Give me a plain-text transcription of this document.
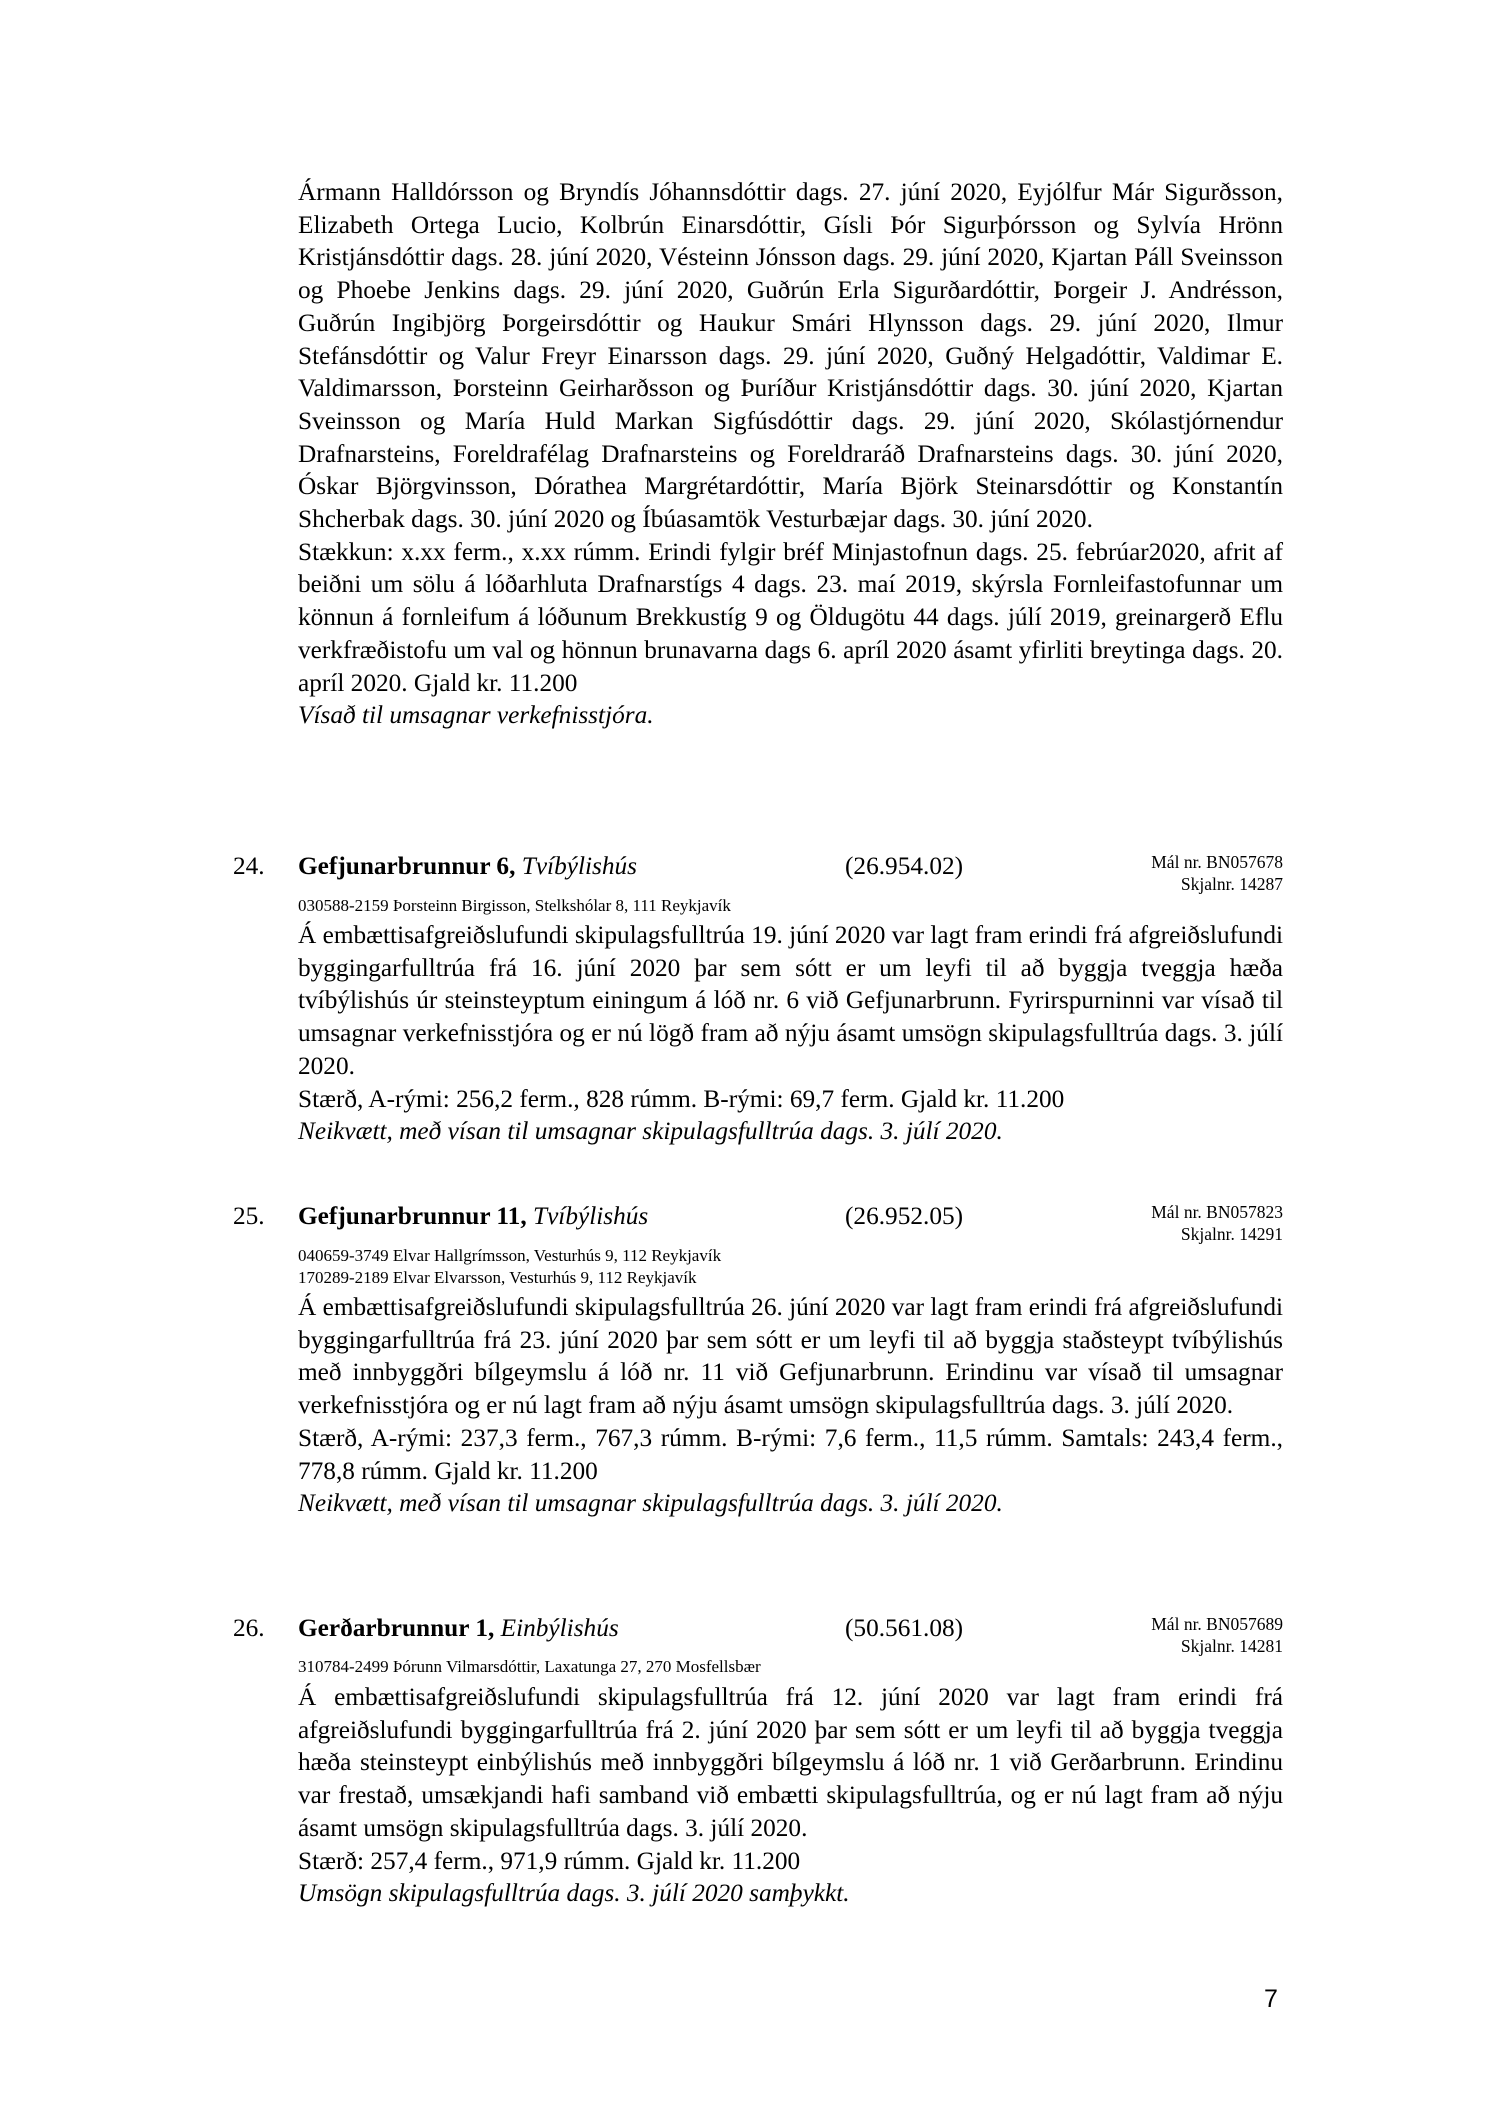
Ármann Halldórsson og Bryndís Jóhannsdóttir dags. 27. júní 2020, Eyjólfur Már Sigurðsson, Elizabeth Ortega Lucio, Kolbrún Einarsdóttir, Gísli Þór Sigurþórsson og Sylvía Hrönn Kristjánsdóttir dags. 28. júní 2020, Vésteinn Jónsson dags. 29. júní 2020, Kjartan Páll Sveinsson og Phoebe Jenkins dags. 29. júní 2020, Guðrún Erla Sigurðardóttir, Þorgeir J. Andrésson, Guðrún Ingibjörg Þorgeirsdóttir og Haukur Smári Hlynsson dags. 29. júní 2020, Ilmur Stefánsdóttir og Valur Freyr Einarsson dags. 29. júní 2020, Guðný Helgadóttir, Valdimar E. Valdimarsson, Þorsteinn Geirharðsson og Þuríður Kristjánsdóttir dags. 30. júní 2020, Kjartan Sveinsson og María Huld Markan Sigfúsdóttir dags. 29. júní 2020, Skólastjórnendur Drafnarsteins, Foreldrafélag Drafnarsteins og Foreldraráð Drafnarsteins dags. 30. júní 2020, Óskar Björgvinsson, Dórathea Margrétardóttir, María Björk Steinarsdóttir og Konstantín Shcherbak dags. 30. júní 2020 og Íbúasamtök Vesturbæjar dags. 30. júní 2020.

Stækkun: x.xx ferm., x.xx rúmm. Erindi fylgir bréf Minjastofnun dags. 25. febrúar2020, afrit af beiðni um sölu á lóðarhluta Drafnarstígs 4 dags. 23. maí 2019, skýrsla Fornleifastofunnar um könnun á fornleifum á lóðunum Brekkustíg 9 og Öldugötu 44 dags. júlí 2019, greinargerð Eflu verkfræðistofu um val og hönnun brunavarna dags 6. apríl 2020 ásamt yfirliti breytinga dags. 20. apríl 2020. Gjald kr. 11.200

Vísað til umsagnar verkefnisstjóra.

24. Gefjunarbrunnur 6, Tvíbýlishús	(26.954.02)	Mál nr. BN057678
Skjalnr. 14287
030588-2159 Þorsteinn Birgisson, Stelkshólar 8, 111 Reykjavík

Á embættisafgreiðslufundi skipulagsfulltrúa 19. júní 2020 var lagt fram erindi frá afgreiðslufundi byggingarfulltrúa frá 16. júní 2020 þar sem sótt er um leyfi til að byggja tveggja hæða tvíbýlishús úr steinsteyptum einingum á lóð nr. 6 við Gefjunarbrunn. Fyrirspurninni var vísað til umsagnar verkefnisstjóra og er nú lögð fram að nýju ásamt umsögn skipulagsfulltrúa dags. 3. júlí 2020.

Stærð, A-rými: 256,2 ferm., 828 rúmm. B-rými: 69,7 ferm. Gjald kr. 11.200

Neikvætt, með vísan til umsagnar skipulagsfulltrúa dags. 3. júlí 2020.

25. Gefjunarbrunnur 11, Tvíbýlishús	(26.952.05)	Mál nr. BN057823
Skjalnr. 14291
040659-3749 Elvar Hallgrímsson, Vesturhús 9, 112 Reykjavík
170289-2189 Elvar Elvarsson, Vesturhús 9, 112 Reykjavík

Á embættisafgreiðslufundi skipulagsfulltrúa 26. júní 2020 var lagt fram erindi frá afgreiðslufundi byggingarfulltrúa frá 23. júní 2020 þar sem sótt er um leyfi til að byggja staðsteypt tvíbýlishús með innbyggðri bílgeymslu á lóð nr. 11 við Gefjunarbrunn. Erindinu var vísað til umsagnar verkefnisstjóra og er nú lagt fram að nýju ásamt umsögn skipulagsfulltrúa dags. 3. júlí 2020.

Stærð, A-rými: 237,3 ferm., 767,3 rúmm. B-rými: 7,6 ferm., 11,5 rúmm. Samtals: 243,4 ferm., 778,8 rúmm. Gjald kr. 11.200

Neikvætt, með vísan til umsagnar skipulagsfulltrúa dags. 3. júlí 2020.

26. Gerðarbrunnur 1, Einbýlishús	(50.561.08)	Mál nr. BN057689
Skjalnr. 14281
310784-2499 Þórunn Vilmarsdóttir, Laxatunga 27, 270 Mosfellsbær

Á embættisafgreiðslufundi skipulagsfulltrúa frá 12. júní 2020 var lagt fram erindi frá afgreiðslufundi byggingarfulltrúa frá 2. júní 2020 þar sem sótt er um leyfi til að byggja tveggja hæða steinsteypt einbýlishús með innbyggðri bílgeymslu á lóð nr. 1 við Gerðarbrunn. Erindinu var frestað, umsækjandi hafi samband við embætti skipulagsfulltrúa, og er nú lagt fram að nýju ásamt umsögn skipulagsfulltrúa dags. 3. júlí 2020.

Stærð: 257,4 ferm., 971,9 rúmm. Gjald kr. 11.200

Umsögn skipulagsfulltrúa dags. 3. júlí 2020 samþykkt.

7
